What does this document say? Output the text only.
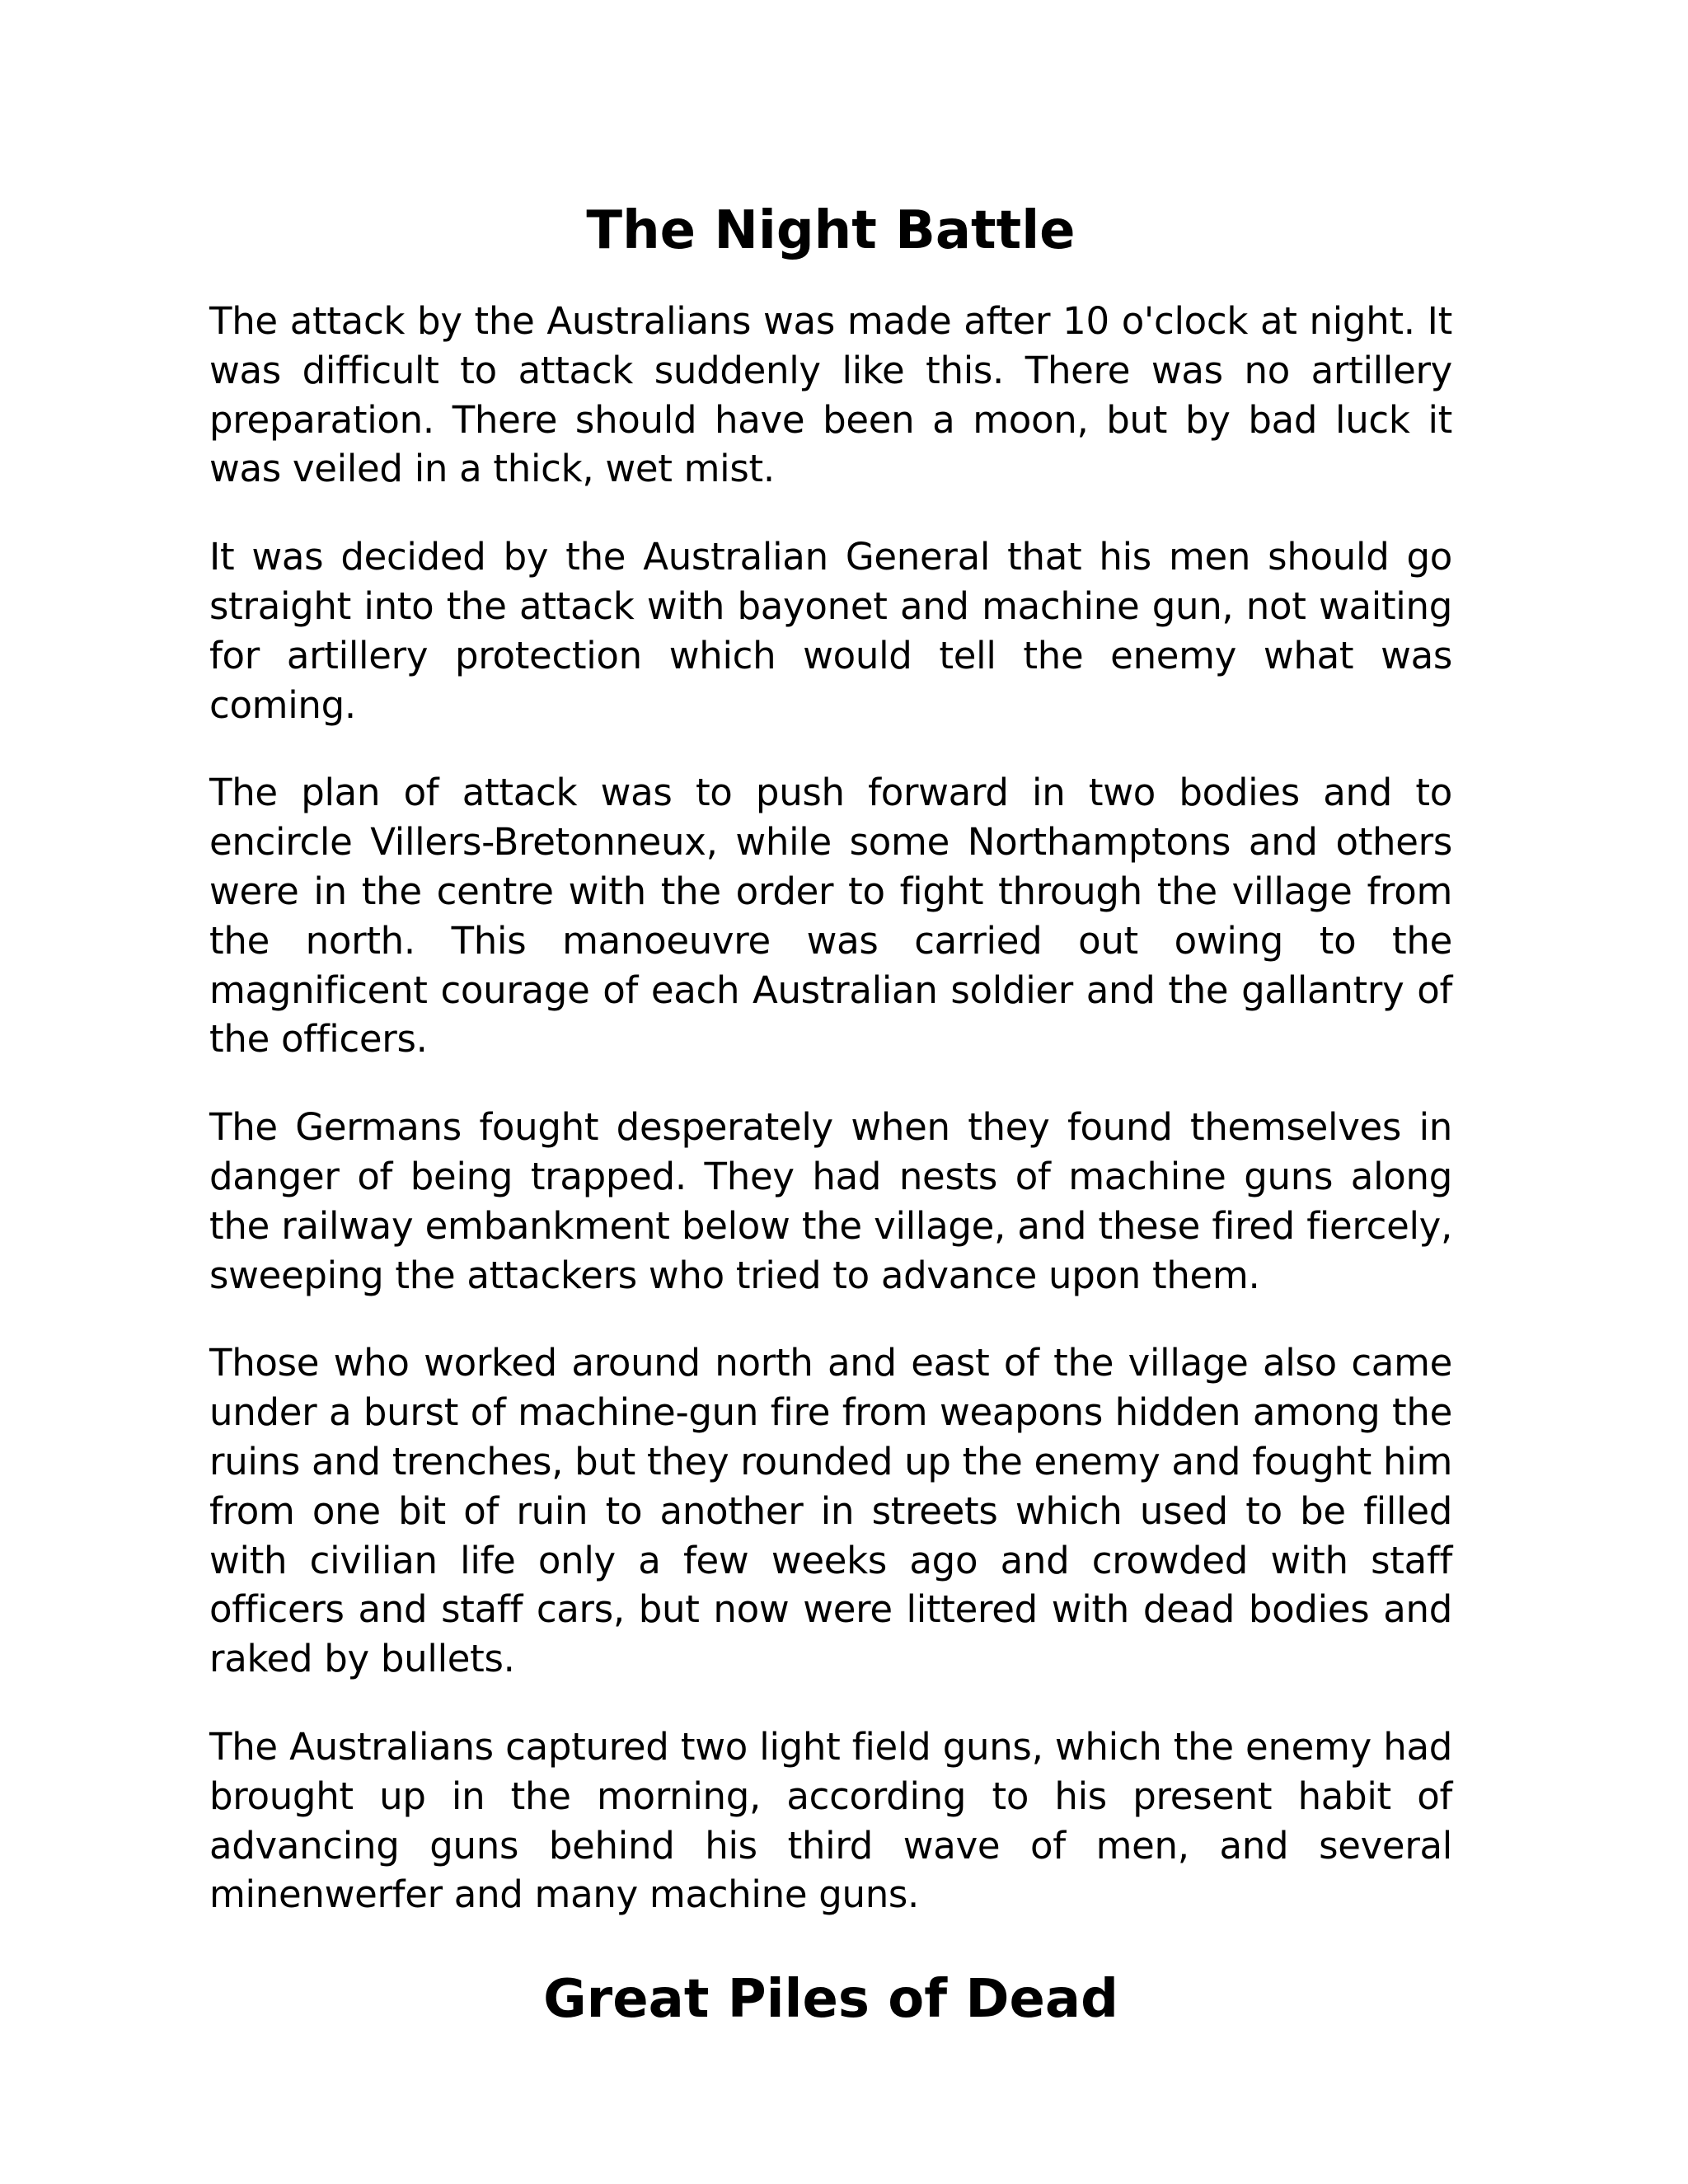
The Night Battle

The attack by the Australians was made after 10 o'clock at night. It was difficult to attack suddenly like this. There was no artillery preparation. There should have been a moon, but by bad luck it was veiled in a thick, wet mist.

It was decided by the Australian General that his men should go straight into the attack with bayonet and machine gun, not waiting for artillery protection which would tell the enemy what was coming.

The plan of attack was to push forward in two bodies and to encircle Villers-Bretonneux, while some Northamptons and others were in the centre with the order to fight through the village from the north. This manoeuvre was carried out owing to the magnificent courage of each Australian soldier and the gallantry of the officers.

The Germans fought desperately when they found themselves in danger of being trapped. They had nests of machine guns along the railway embankment below the village, and these fired fiercely, sweeping the attackers who tried to advance upon them.

Those who worked around north and east of the village also came under a burst of machine-gun fire from weapons hidden among the ruins and trenches, but they rounded up the enemy and fought him from one bit of ruin to another in streets which used to be filled with civilian life only a few weeks ago and crowded with staff officers and staff cars, but now were littered with dead bodies and raked by bullets.

The Australians captured two light field guns, which the enemy had brought up in the morning, according to his present habit of advancing guns behind his third wave of men, and several minenwerfer and many machine guns.

Great Piles of Dead
